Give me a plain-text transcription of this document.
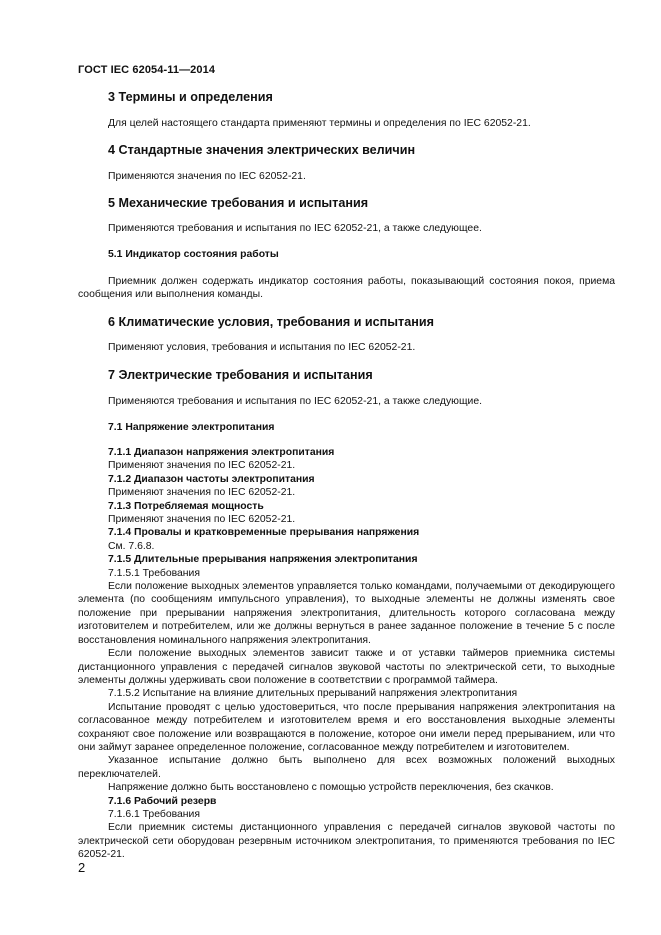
ГОСТ IEC 62054-11—2014
3 Термины и определения
Для целей настоящего стандарта применяют термины и определения по IEC 62052-21.
4 Стандартные значения электрических величин
Применяются значения по IEC 62052-21.
5 Механические требования и испытания
Применяются требования и испытания по IEC 62052-21, а также следующее.
5.1 Индикатор состояния работы

Приемник должен содержать индикатор состояния работы, показывающий состояния покоя, приема сообщения или выполнения команды.

6 Климатические условия, требования и испытания
Применяют условия, требования и испытания по IEC 62052-21.
7 Электрические требования и испытания
Применяются требования и испытания по IEC 62052-21, а также следующие.
7.1 Напряжение электропитания
7.1.1 Диапазон напряжения электропитания
Применяют значения по IEC 62052-21.
7.1.2 Диапазон частоты электропитания
Применяют значения по IEC 62052-21.
7.1.3 Потребляемая мощность
Применяют значения по IEC 62052-21.
7.1.4 Провалы и кратковременные прерывания напряжения
См. 7.6.8.
7.1.5 Длительные прерывания напряжения электропитания
7.1.5.1 Требования

Если положение выходных элементов управляется только командами, получаемыми от декодирующего элемента (по сообщениям импульсного управления), то выходные элементы не должны изменять свое положение при прерывании напряжения электропитания, длительность которого согласована между изготовителем и потребителем, или же должны вернуться в ранее заданное положение в течение 5 с после восстановления номинального напряжения электропитания.

Если положение выходных элементов зависит также и от уставки таймеров приемника системы дистанционного управления с передачей сигналов звуковой частоты по электрической сети, то выходные элементы должны удерживать свои положение в соответствии с программой таймера.

7.1.5.2 Испытание на влияние длительных прерываний напряжения электропитания

Испытание проводят с целью удостовериться, что после прерывания напряжения электропитания на согласованное между потребителем и изготовителем время и его восстановления выходные элементы сохраняют свое положение или возвращаются в положение, которое они имели перед прерыванием, или что они займут заранее определенное положение, согласованное между потребителем и изготовителем.

Указанное испытание должно быть выполнено для всех возможных положений выходных переключателей.

Напряжение должно быть восстановлено с помощью устройств переключения, без скачков.

7.1.6 Рабочий резерв
7.1.6.1 Требования

Если приемник системы дистанционного управления с передачей сигналов звуковой частоты по электрической сети оборудован резервным источником электропитания, то применяются требования по IEC 62052-21.

2
